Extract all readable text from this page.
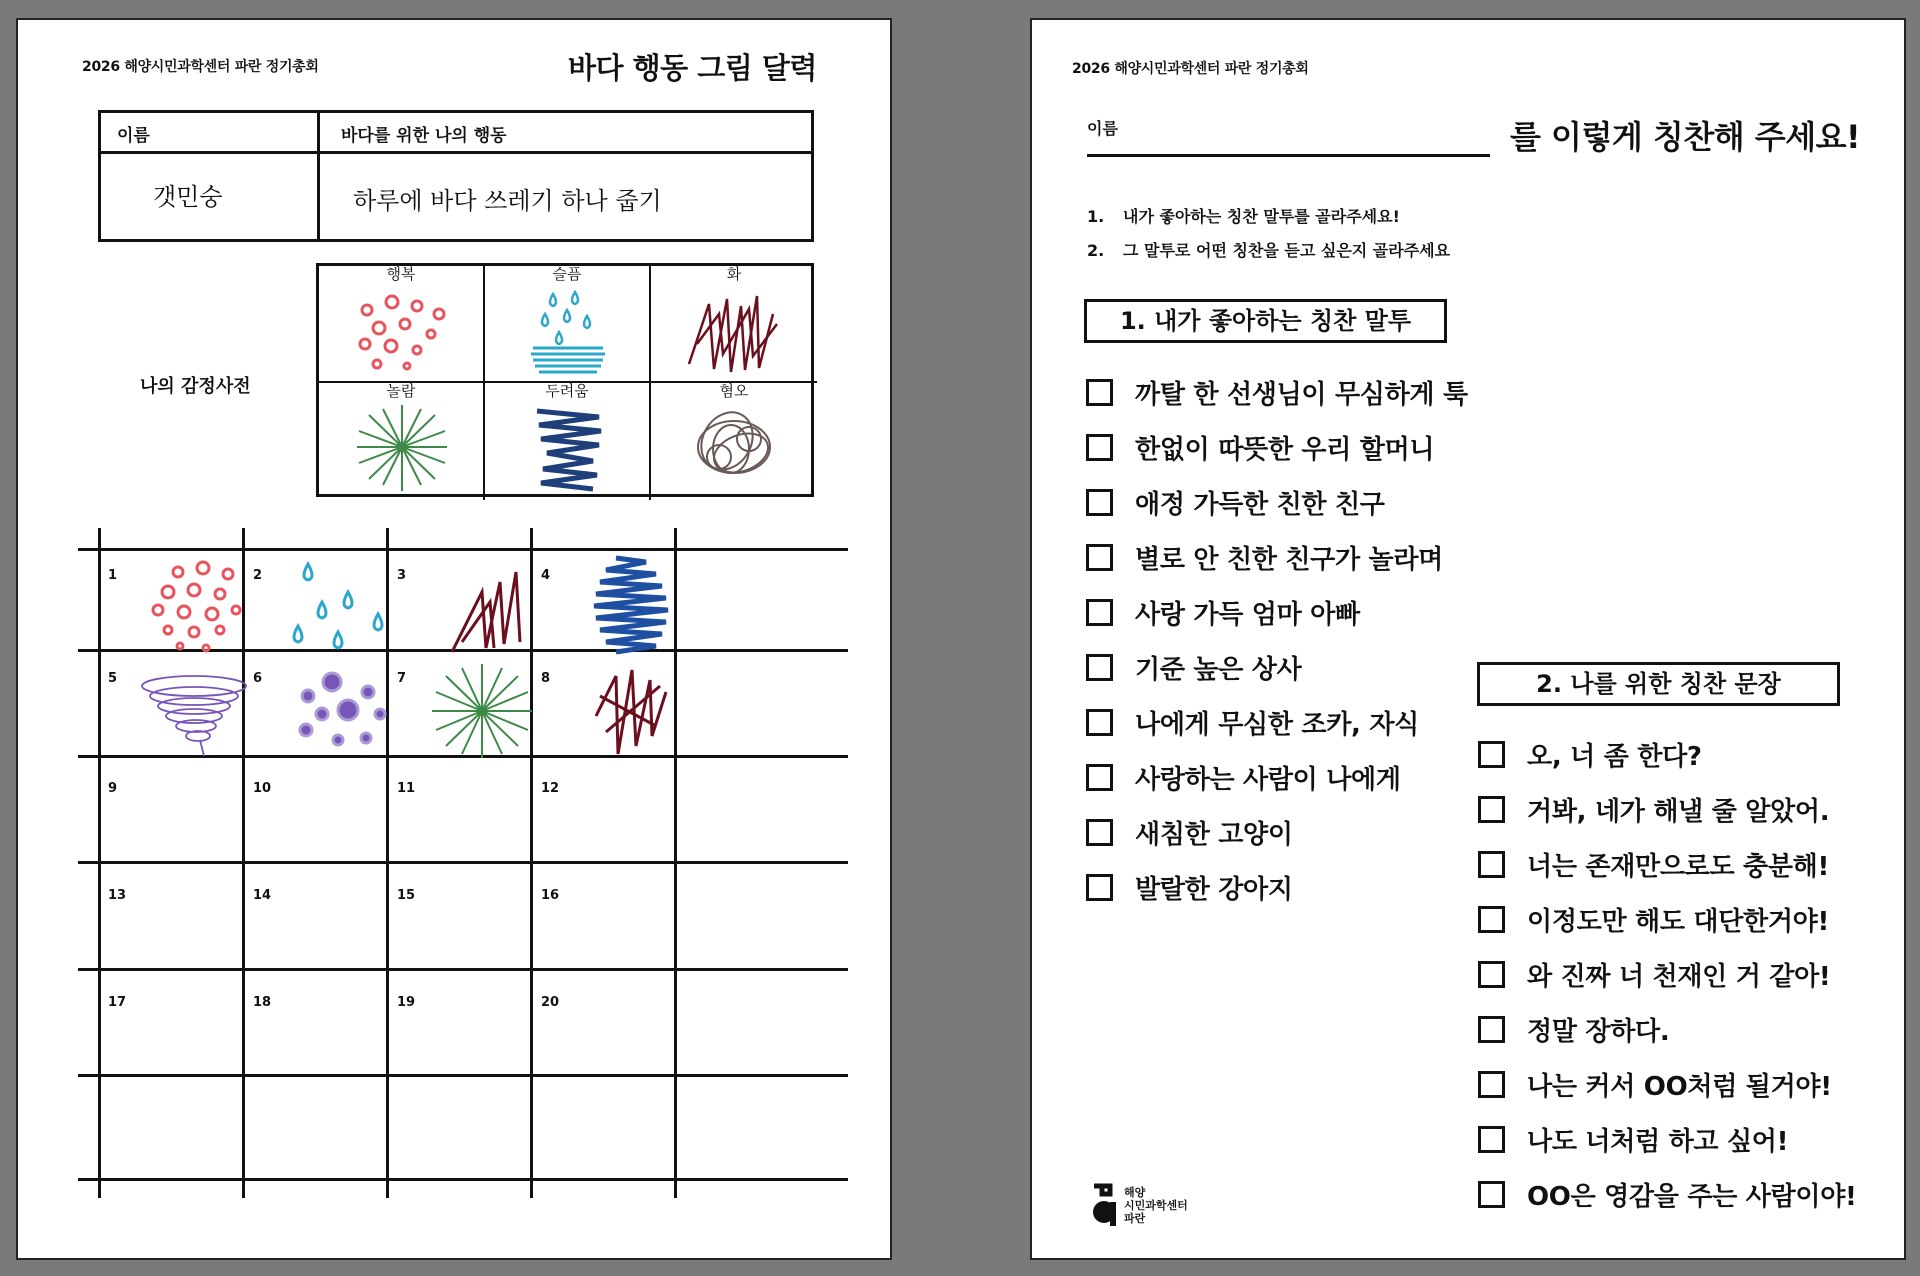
2026 해양시민과학센터 파란 정기총회	바다 행동 그림 달력
이름	바다를 위한 나의 행동
갯민숭	하루에 바다 쓰레기 하나 줍기
나의 감정사전
행복	슬픔	화
놀람	두려움	혐오
1	2	3	4
5	6	7	8
9	10	11	12
13	14	15	16
17	18	19	20
2026 해양시민과학센터 파란 정기총회
이름	를 이렇게 칭찬해 주세요!
1. 내가 좋아하는 칭찬 말투를 골라주세요!
2. 그 말투로 어떤 칭찬을 듣고 싶은지 골라주세요
1. 내가 좋아하는 칭찬 말투
까탈 한 선생님이 무심하게 툭
한없이 따뜻한 우리 할머니
애정 가득한 친한 친구
별로 안 친한 친구가 놀라며
사랑 가득 엄마 아빠
기준 높은 상사
나에게 무심한 조카, 자식
사랑하는 사람이 나에게
새침한 고양이
발랄한 강아지
2. 나를 위한 칭찬 문장
오, 너 좀 한다?
거봐, 네가 해낼 줄 알았어.
너는 존재만으로도 충분해!
이정도만 해도 대단한거야!
와 진짜 너 천재인 거 같아!
정말 장하다.
나는 커서 OO처럼 될거야!
나도 너처럼 하고 싶어!
OO은 영감을 주는 사람이야!
해양
시민과학센터
파란
